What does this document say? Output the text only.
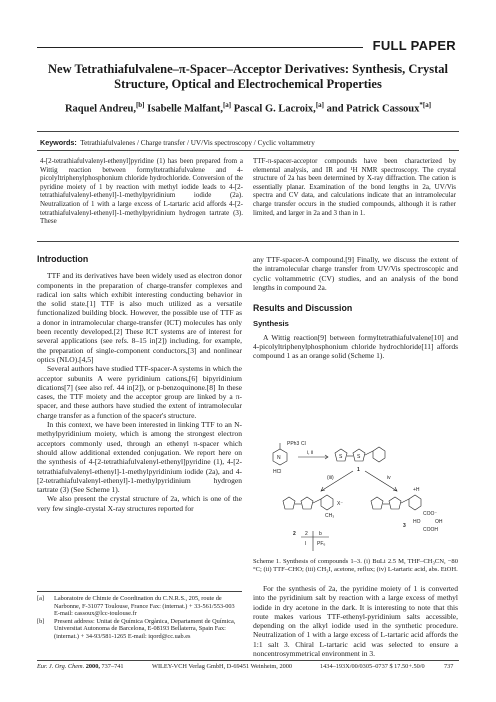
FULL PAPER
New Tetrathiafulvalene–π-Spacer–Acceptor Derivatives: Synthesis, Crystal Structure, Optical and Electrochemical Properties
Raquel Andreu,[b] Isabelle Malfant,[a] Pascal G. Lacroix,[a] and Patrick Cassoux$^{*[a]}$
Keywords: Tetrathiafulvalenes / Charge transfer / UV/Vis spectroscopy / Cyclic voltammetry
4-[2-tetrathiafulvalenyl-ethenyl]pyridine (1) has been prepared from a Wittig reaction between formyltetrathiafulvalene and 4-picolyltriphenylphosphonium chloride hydrochloride. Conversion of the pyridine moiety of 1 by reaction with methyl iodide leads to 4-[2-tetrathiafulvalenyl-ethenyl]-1-methylpyridinium iodide (2a). Neutralization of 1 with a large excess of L-tartaric acid affords 4-[2-tetrathiafulvalenyl-ethenyl]-1-methylpyridinium hydrogen tartrate (3). These
TTF-π-spacer-acceptor compounds have been characterized by elemental analysis, and IR and ¹H NMR spectroscopy. The crystal structure of 2a has been determined by X-ray diffraction. The cation is essentially planar. Examination of the bond lengths in 2a, UV/Vis spectra and CV data, and calculations indicate that an intramolecular charge transfer occurs in the studied compounds, although it is rather limited, and larger in 2a and 3 than in 1.
Introduction

TTF and its derivatives have been widely used as electron donor components in the preparation of charge-transfer complexes and radical ion salts which exhibit interesting conducting behavior in the solid state.[1] TTF is also much utilized as a versatile functionalized building block. However, the possible use of TTF as a donor in intramolecular charge-transfer (ICT) molecules has only been recently developed.[2] These ICT systems are of interest for several applications (see refs. 8–15 in[2]) including, for example, the preparation of single-component conductors,[3] and nonlinear optics (NLO).[4,5]

Several authors have studied TTF-spacer-A systems in which the acceptor subunits A were pyridinium cations,[6] bipyridinium dications[7] (see also ref. 44 in[2]), or p-benzoquinone.[8] In these cases, the TTF moiety and the acceptor group are linked by a π-spacer, and these authors have studied the extent of intramolecular charge transfer as a function of the spacer's structure.

In this context, we have been interested in linking TTF to an N-methylpyridinium moiety, which is among the strongest electron acceptors commonly used, through an ethenyl π-spacer which should allow additional extended conjugation. We report here on the synthesis of 4-[2-tetrathiafulvalenyl-ethenyl]pyridine (1), 4-[2-tetrathiafulvalenyl-ethenyl]-1-methylpyridinium iodide (2a), and 4-[2-tetrathiafulvalenyl-ethenyl]-1-methylpyridinium hydrogen tartrate (3) (See Scheme 1).

We also present the crystal structure of 2a, which is one of the very few single-crystal X-ray structures reported for

any TTF-spacer-A compound.[9] Finally, we discuss the extent of the intramolecular charge transfer from UV/Vis spectroscopic and cyclic voltammetric (CV) studies, and an analysis of the bond lengths in compound 2a.

Results and Discussion
Synthesis

A Wittig reaction[9] between formyltetrathiafulvalene[10] and 4-picolyltriphenylphosphonium chloride hydrochloride[11] affords compound 1 as an orange solid (Scheme 1).

PPh3 Cl
N
HCl
i, ii
1
(iii)	iv
S	S
CH₃
X⁻
+H
COO⁻
HO	OH
COOH
3
2 2 b
I PF₆
Scheme 1. Synthesis of compounds 1–3. (i) BuLi 2.5 M, THF–CH₃CN, −80 °C; (ii) TTF–CHO; (iii) CH₃I, acetone, reflux; (iv) L-tartaric acid, abs. EtOH.

For the synthesis of 2a, the pyridine moiety of 1 is converted into the pyridinium salt by reaction with a large excess of methyl iodide in dry acetone in the dark. It is interesting to note that this route makes various TTF-ethenyl-pyridinium salts accessible, depending on the alkyl iodide used in the synthetic procedure. Neutralization of 1 with a large excess of L-tartaric acid affords the 1:1 salt 3. Chiral L-tartaric acid was selected to ensure a noncentrosymmetrical environment in 3.

[a]	Laboratoire de Chimie de Coordination du C.N.R.S., 205, route de Narbonne, F-31077 Toulouse, France Fax: (internat.) + 33-561/553-003 E-mail: cassoux@lcc-toulouse.fr
[b]	Present address: Unitat de Química Orgànica, Departament de Química, Universitat Autonoma de Barcelona, E-08193 Bellaterra, Spain Fax: (internat.) + 34-93/581-1265 E-mail: iqord@cc.uab.es
Eur. J. Org. Chem. 2000, 737–741	WILEY-VCH Verlag GmbH, D-69451 Weinheim, 2000	1434–193X/00/0305–0737 $ 17.50+.50/0	737
